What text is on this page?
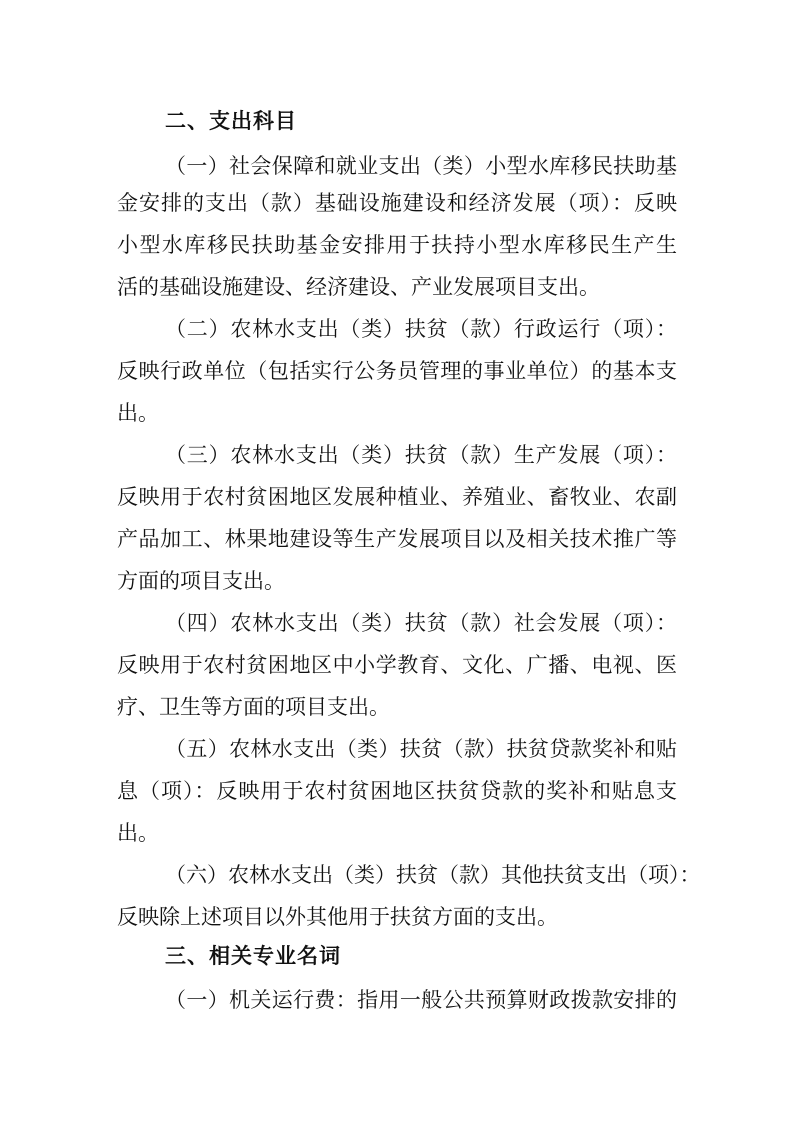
二、支出科目
（一）社会保障和就业支出（类）小型水库移民扶助基
金安排的支出（款）基础设施建设和经济发展（项）：反映
小型水库移民扶助基金安排用于扶持小型水库移民生产生
活的基础设施建设、经济建设、产业发展项目支出。
（二）农林水支出（类）扶贫（款）行政运行（项）：
反映行政单位（包括实行公务员管理的事业单位）的基本支
出。
（三）农林水支出（类）扶贫（款）生产发展（项）：
反映用于农村贫困地区发展种植业、养殖业、畜牧业、农副
产品加工、林果地建设等生产发展项目以及相关技术推广等
方面的项目支出。
（四）农林水支出（类）扶贫（款）社会发展（项）：
反映用于农村贫困地区中小学教育、文化、广播、电视、医
疗、卫生等方面的项目支出。
（五）农林水支出（类）扶贫（款）扶贫贷款奖补和贴
息（项）：反映用于农村贫困地区扶贫贷款的奖补和贴息支
出。
（六）农林水支出（类）扶贫（款）其他扶贫支出（项）：
反映除上述项目以外其他用于扶贫方面的支出。
三、相关专业名词
（一）机关运行费：指用一般公共预算财政拨款安排的
